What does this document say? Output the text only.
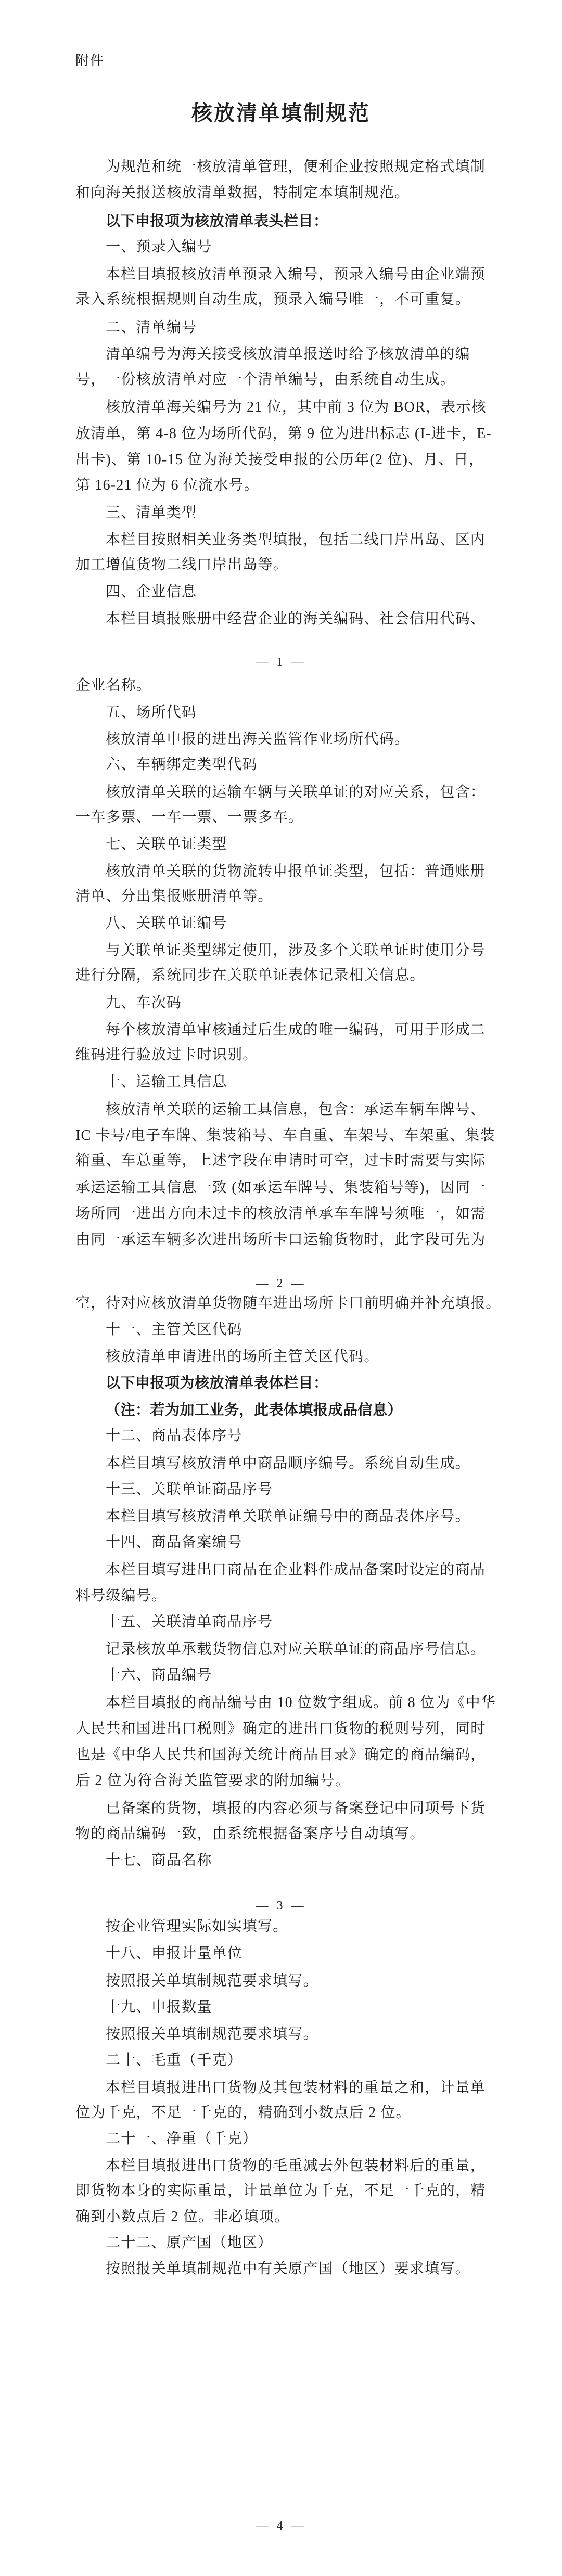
附件
核放清单填制规范
为规范和统一核放清单管理，便利企业按照规定格式填制
和向海关报送核放清单数据，特制定本填制规范。
以下申报项为核放清单表头栏目：
一、预录入编号
本栏目填报核放清单预录入编号，预录入编号由企业端预
录入系统根据规则自动生成，预录入编号唯一，不可重复。
二、清单编号
清单编号为海关接受核放清单报送时给予核放清单的编
号，一份核放清单对应一个清单编号，由系统自动生成。
核放清单海关编号为 21 位，其中前 3 位为 BOR，表示核
放清单，第 4-8 位为场所代码，第 9 位为进出标志 (I-进卡，E-
出卡)、第 10-15 位为海关接受申报的公历年(2 位)、月、日，
第 16-21 位为 6 位流水号。
三、清单类型
本栏目按照相关业务类型填报，包括二线口岸出岛、区内
加工增值货物二线口岸出岛等。
四、企业信息
本栏目填报账册中经营企业的海关编码、社会信用代码、
— 1 —
企业名称。
五、场所代码
核放清单申报的进出海关监管作业场所代码。
六、车辆绑定类型代码
核放清单关联的运输车辆与关联单证的对应关系，包含：
一车多票、一车一票、一票多车。
七、关联单证类型
核放清单关联的货物流转申报单证类型，包括：普通账册
清单、分出集报账册清单等。
八、关联单证编号
与关联单证类型绑定使用，涉及多个关联单证时使用分号
进行分隔，系统同步在关联单证表体记录相关信息。
九、车次码
每个核放清单审核通过后生成的唯一编码，可用于形成二
维码进行验放过卡时识别。
十、运输工具信息
核放清单关联的运输工具信息，包含：承运车辆车牌号、
IC 卡号/电子车牌、集装箱号、车自重、车架号、车架重、集装
箱重、车总重等，上述字段在申请时可空，过卡时需要与实际
承运运输工具信息一致 (如承运车牌号、集装箱号等)，因同一
场所同一进出方向未过卡的核放清单承车车牌号须唯一，如需
由同一承运车辆多次进出场所卡口运输货物时，此字段可先为
— 2 —
空，待对应核放清单货物随车进出场所卡口前明确并补充填报。
十一、主管关区代码
核放清单申请进出的场所主管关区代码。
以下申报项为核放清单表体栏目：
（注：若为加工业务，此表体填报成品信息）
十二、商品表体序号
本栏目填写核放清单中商品顺序编号。系统自动生成。
十三、关联单证商品序号
本栏目填写核放清单关联单证编号中的商品表体序号。
十四、商品备案编号
本栏目填写进出口商品在企业料件成品备案时设定的商品
料号级编号。
十五、关联清单商品序号
记录核放单承载货物信息对应关联单证的商品序号信息。
十六、商品编号
本栏目填报的商品编号由 10 位数字组成。前 8 位为《中华
人民共和国进出口税则》确定的进出口货物的税则号列，同时
也是《中华人民共和国海关统计商品目录》确定的商品编码，
后 2 位为符合海关监管要求的附加编号。
已备案的货物，填报的内容必须与备案登记中同项号下货
物的商品编码一致，由系统根据备案序号自动填写。
十七、商品名称
— 3 —
按企业管理实际如实填写。
十八、申报计量单位
按照报关单填制规范要求填写。
十九、申报数量
按照报关单填制规范要求填写。
二十、毛重（千克）
本栏目填报进出口货物及其包装材料的重量之和，计量单
位为千克，不足一千克的，精确到小数点后 2 位。
二十一、净重（千克）
本栏目填报进出口货物的毛重减去外包装材料后的重量，
即货物本身的实际重量，计量单位为千克，不足一千克的，精
确到小数点后 2 位。非必填项。
二十二、原产国（地区）
按照报关单填制规范中有关原产国（地区）要求填写。
— 4 —
